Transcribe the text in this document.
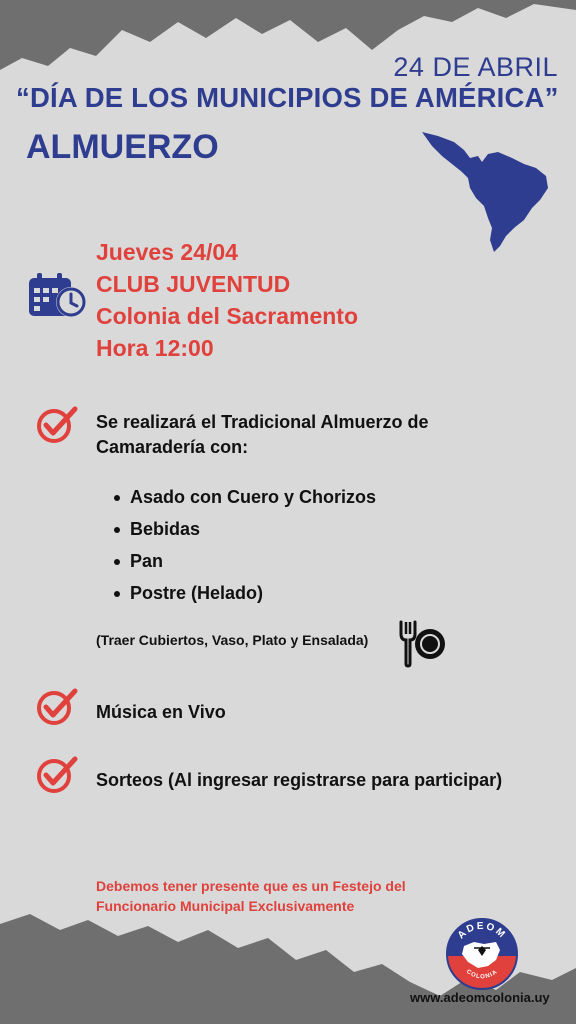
24 DE ABRIL
“DÍA DE LOS MUNICIPIOS DE AMÉRICA”
ALMUERZO
Jueves 24/04
CLUB JUVENTUD
Colonia del Sacramento
Hora 12:00
Se realizará el Tradicional Almuerzo de
Camaradería con:
Asado con Cuero y Chorizos
Bebidas
Pan
Postre (Helado)
(Traer Cubiertos, Vaso, Plato y Ensalada)
Música en Vivo
Sorteos (Al ingresar registrarse para participar)
Debemos tener presente que es un Festejo del
Funcionario Municipal Exclusivamente
ADEOM
COLONIA
www.adeomcolonia.uy
